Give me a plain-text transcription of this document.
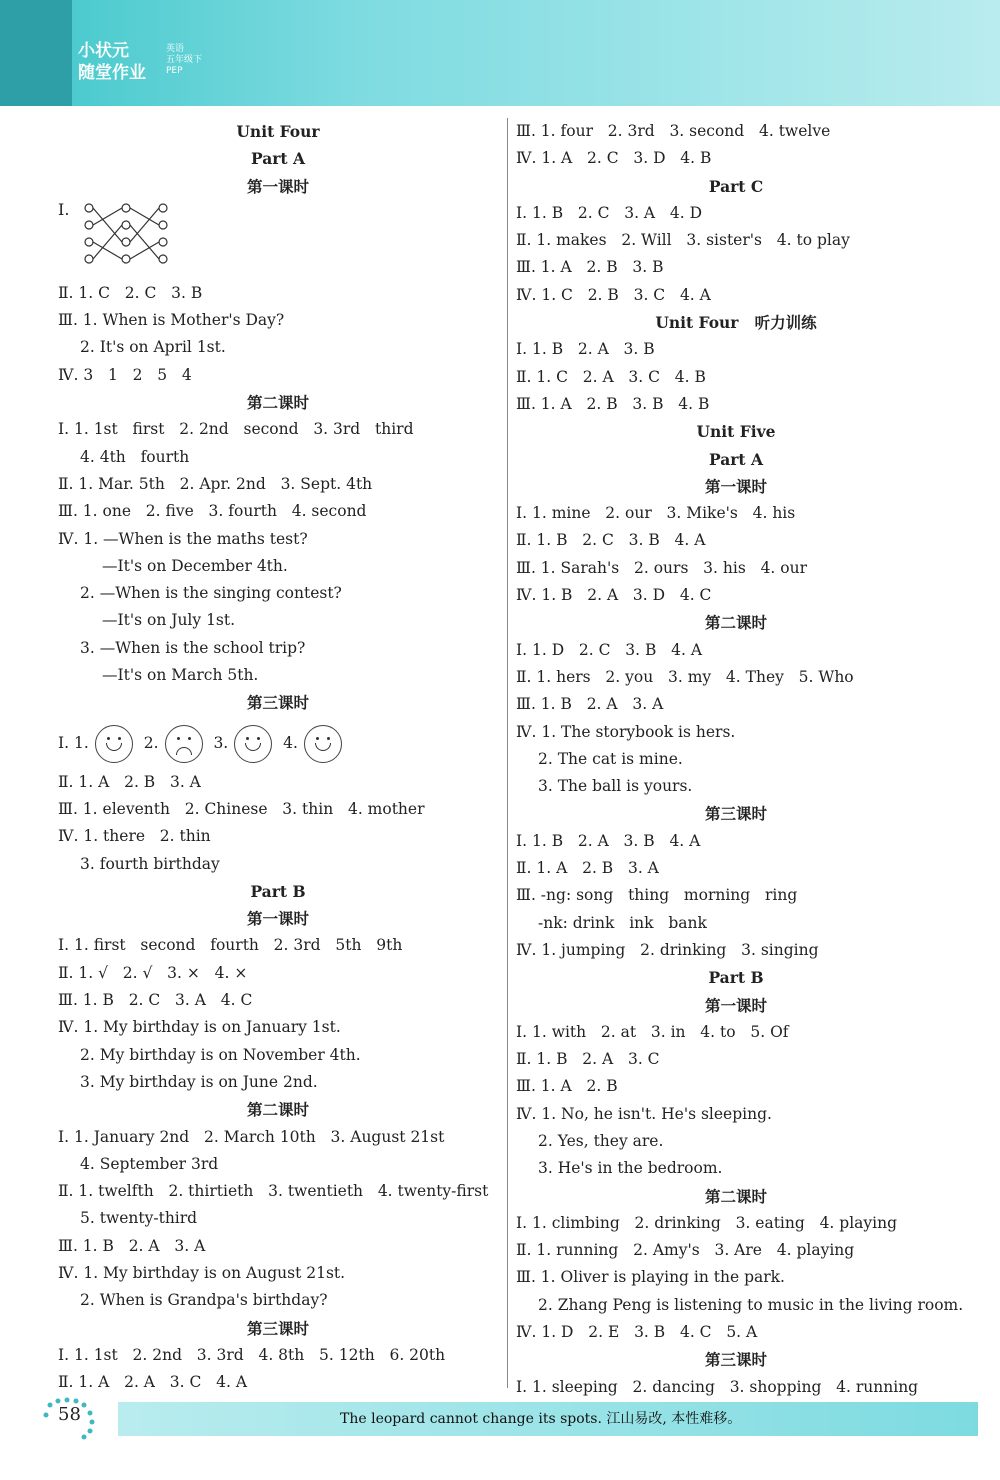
小状元
随堂作业
英语
五年级下
PEP
Unit Four
Part A
第一课时
Ⅰ.
Ⅱ. 1. C   2. C   3. B
Ⅲ. 1. When is Mother's Day?
2. It's on April 1st.
Ⅳ. 3   1   2   5   4
第二课时
Ⅰ. 1. 1st   first   2. 2nd   second   3. 3rd   third
4. 4th   fourth
Ⅱ. 1. Mar. 5th   2. Apr. 2nd   3. Sept. 4th
Ⅲ. 1. one   2. five   3. fourth   4. second
Ⅳ. 1. —When is the maths test?
—It's on December 4th.
2. —When is the singing contest?
—It's on July 1st.
3. —When is the school trip?
—It's on March 5th.
第三课时
Ⅰ. 1.	2.	3.	4.
Ⅱ. 1. A   2. B   3. A
Ⅲ. 1. eleventh   2. Chinese   3. thin   4. mother
Ⅳ. 1. there   2. thin
3. fourth birthday
Part B
第一课时
Ⅰ. 1. first   second   fourth   2. 3rd   5th   9th
Ⅱ. 1. √   2. √   3. ×   4. ×
Ⅲ. 1. B   2. C   3. A   4. C
Ⅳ. 1. My birthday is on January 1st.
2. My birthday is on November 4th.
3. My birthday is on June 2nd.
第二课时
Ⅰ. 1. January 2nd   2. March 10th   3. August 21st
4. September 3rd
Ⅱ. 1. twelfth   2. thirtieth   3. twentieth   4. twenty-first
5. twenty-third
Ⅲ. 1. B   2. A   3. A
Ⅳ. 1. My birthday is on August 21st.
2. When is Grandpa's birthday?
第三课时
Ⅰ. 1. 1st   2. 2nd   3. 3rd   4. 8th   5. 12th   6. 20th
Ⅱ. 1. A   2. A   3. C   4. A
Ⅲ. 1. four   2. 3rd   3. second   4. twelve
Ⅳ. 1. A   2. C   3. D   4. B
Part C
Ⅰ. 1. B   2. C   3. A   4. D
Ⅱ. 1. makes   2. Will   3. sister's   4. to play
Ⅲ. 1. A   2. B   3. B
Ⅳ. 1. C   2. B   3. C   4. A
Unit Four   听力训练
Ⅰ. 1. B   2. A   3. B
Ⅱ. 1. C   2. A   3. C   4. B
Ⅲ. 1. A   2. B   3. B   4. B
Unit Five
Part A
第一课时
Ⅰ. 1. mine   2. our   3. Mike's   4. his
Ⅱ. 1. B   2. C   3. B   4. A
Ⅲ. 1. Sarah's   2. ours   3. his   4. our
Ⅳ. 1. B   2. A   3. D   4. C
第二课时
Ⅰ. 1. D   2. C   3. B   4. A
Ⅱ. 1. hers   2. you   3. my   4. They   5. Who
Ⅲ. 1. B   2. A   3. A
Ⅳ. 1. The storybook is hers.
2. The cat is mine.
3. The ball is yours.
第三课时
Ⅰ. 1. B   2. A   3. B   4. A
Ⅱ. 1. A   2. B   3. A
Ⅲ. -ng: song   thing   morning   ring
-nk: drink   ink   bank
Ⅳ. 1. jumping   2. drinking   3. singing
Part B
第一课时
Ⅰ. 1. with   2. at   3. in   4. to   5. Of
Ⅱ. 1. B   2. A   3. C
Ⅲ. 1. A   2. B
Ⅳ. 1. No, he isn't. He's sleeping.
2. Yes, they are.
3. He's in the bedroom.
第二课时
Ⅰ. 1. climbing   2. drinking   3. eating   4. playing
Ⅱ. 1. running   2. Amy's   3. Are   4. playing
Ⅲ. 1. Oliver is playing in the park.
2. Zhang Peng is listening to music in the living room.
Ⅳ. 1. D   2. E   3. B   4. C   5. A
第三课时
Ⅰ. 1. sleeping   2. dancing   3. shopping   4. running
58	The leopard cannot change its spots. 江山易改, 本性难移。
